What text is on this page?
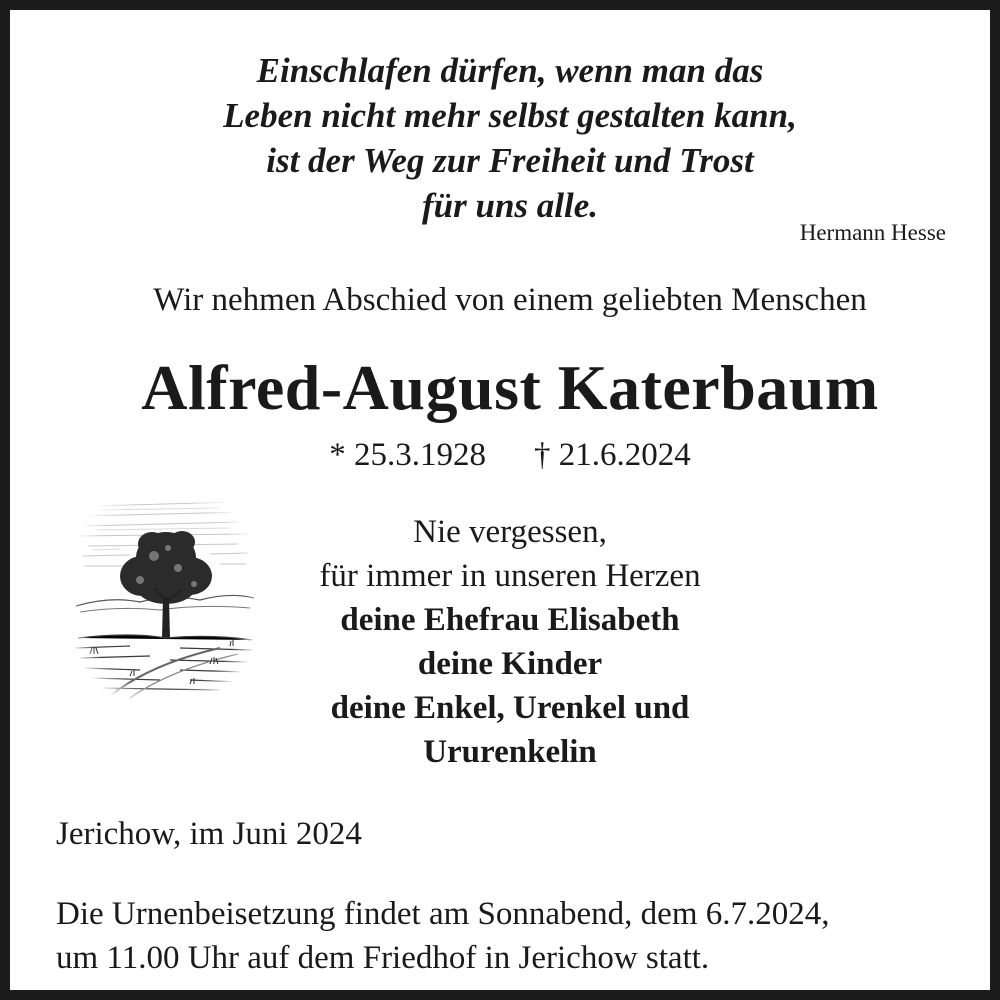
Einschlafen dürfen, wenn man das
Leben nicht mehr selbst gestalten kann,
ist der Weg zur Freiheit und Trost
für uns alle.
Hermann Hesse
Wir nehmen Abschied von einem geliebten Menschen
Alfred-August Katerbaum
* 25.3.1928 † 21.6.2024
Nie vergessen,
für immer in unseren Herzen
deine Ehefrau Elisabeth
deine Kinder
deine Enkel, Urenkel und
Ururenkelin
Jerichow, im Juni 2024
Die Urnenbeisetzung findet am Sonnabend, dem 6.7.2024,
um 11.00 Uhr auf dem Friedhof in Jerichow statt.
